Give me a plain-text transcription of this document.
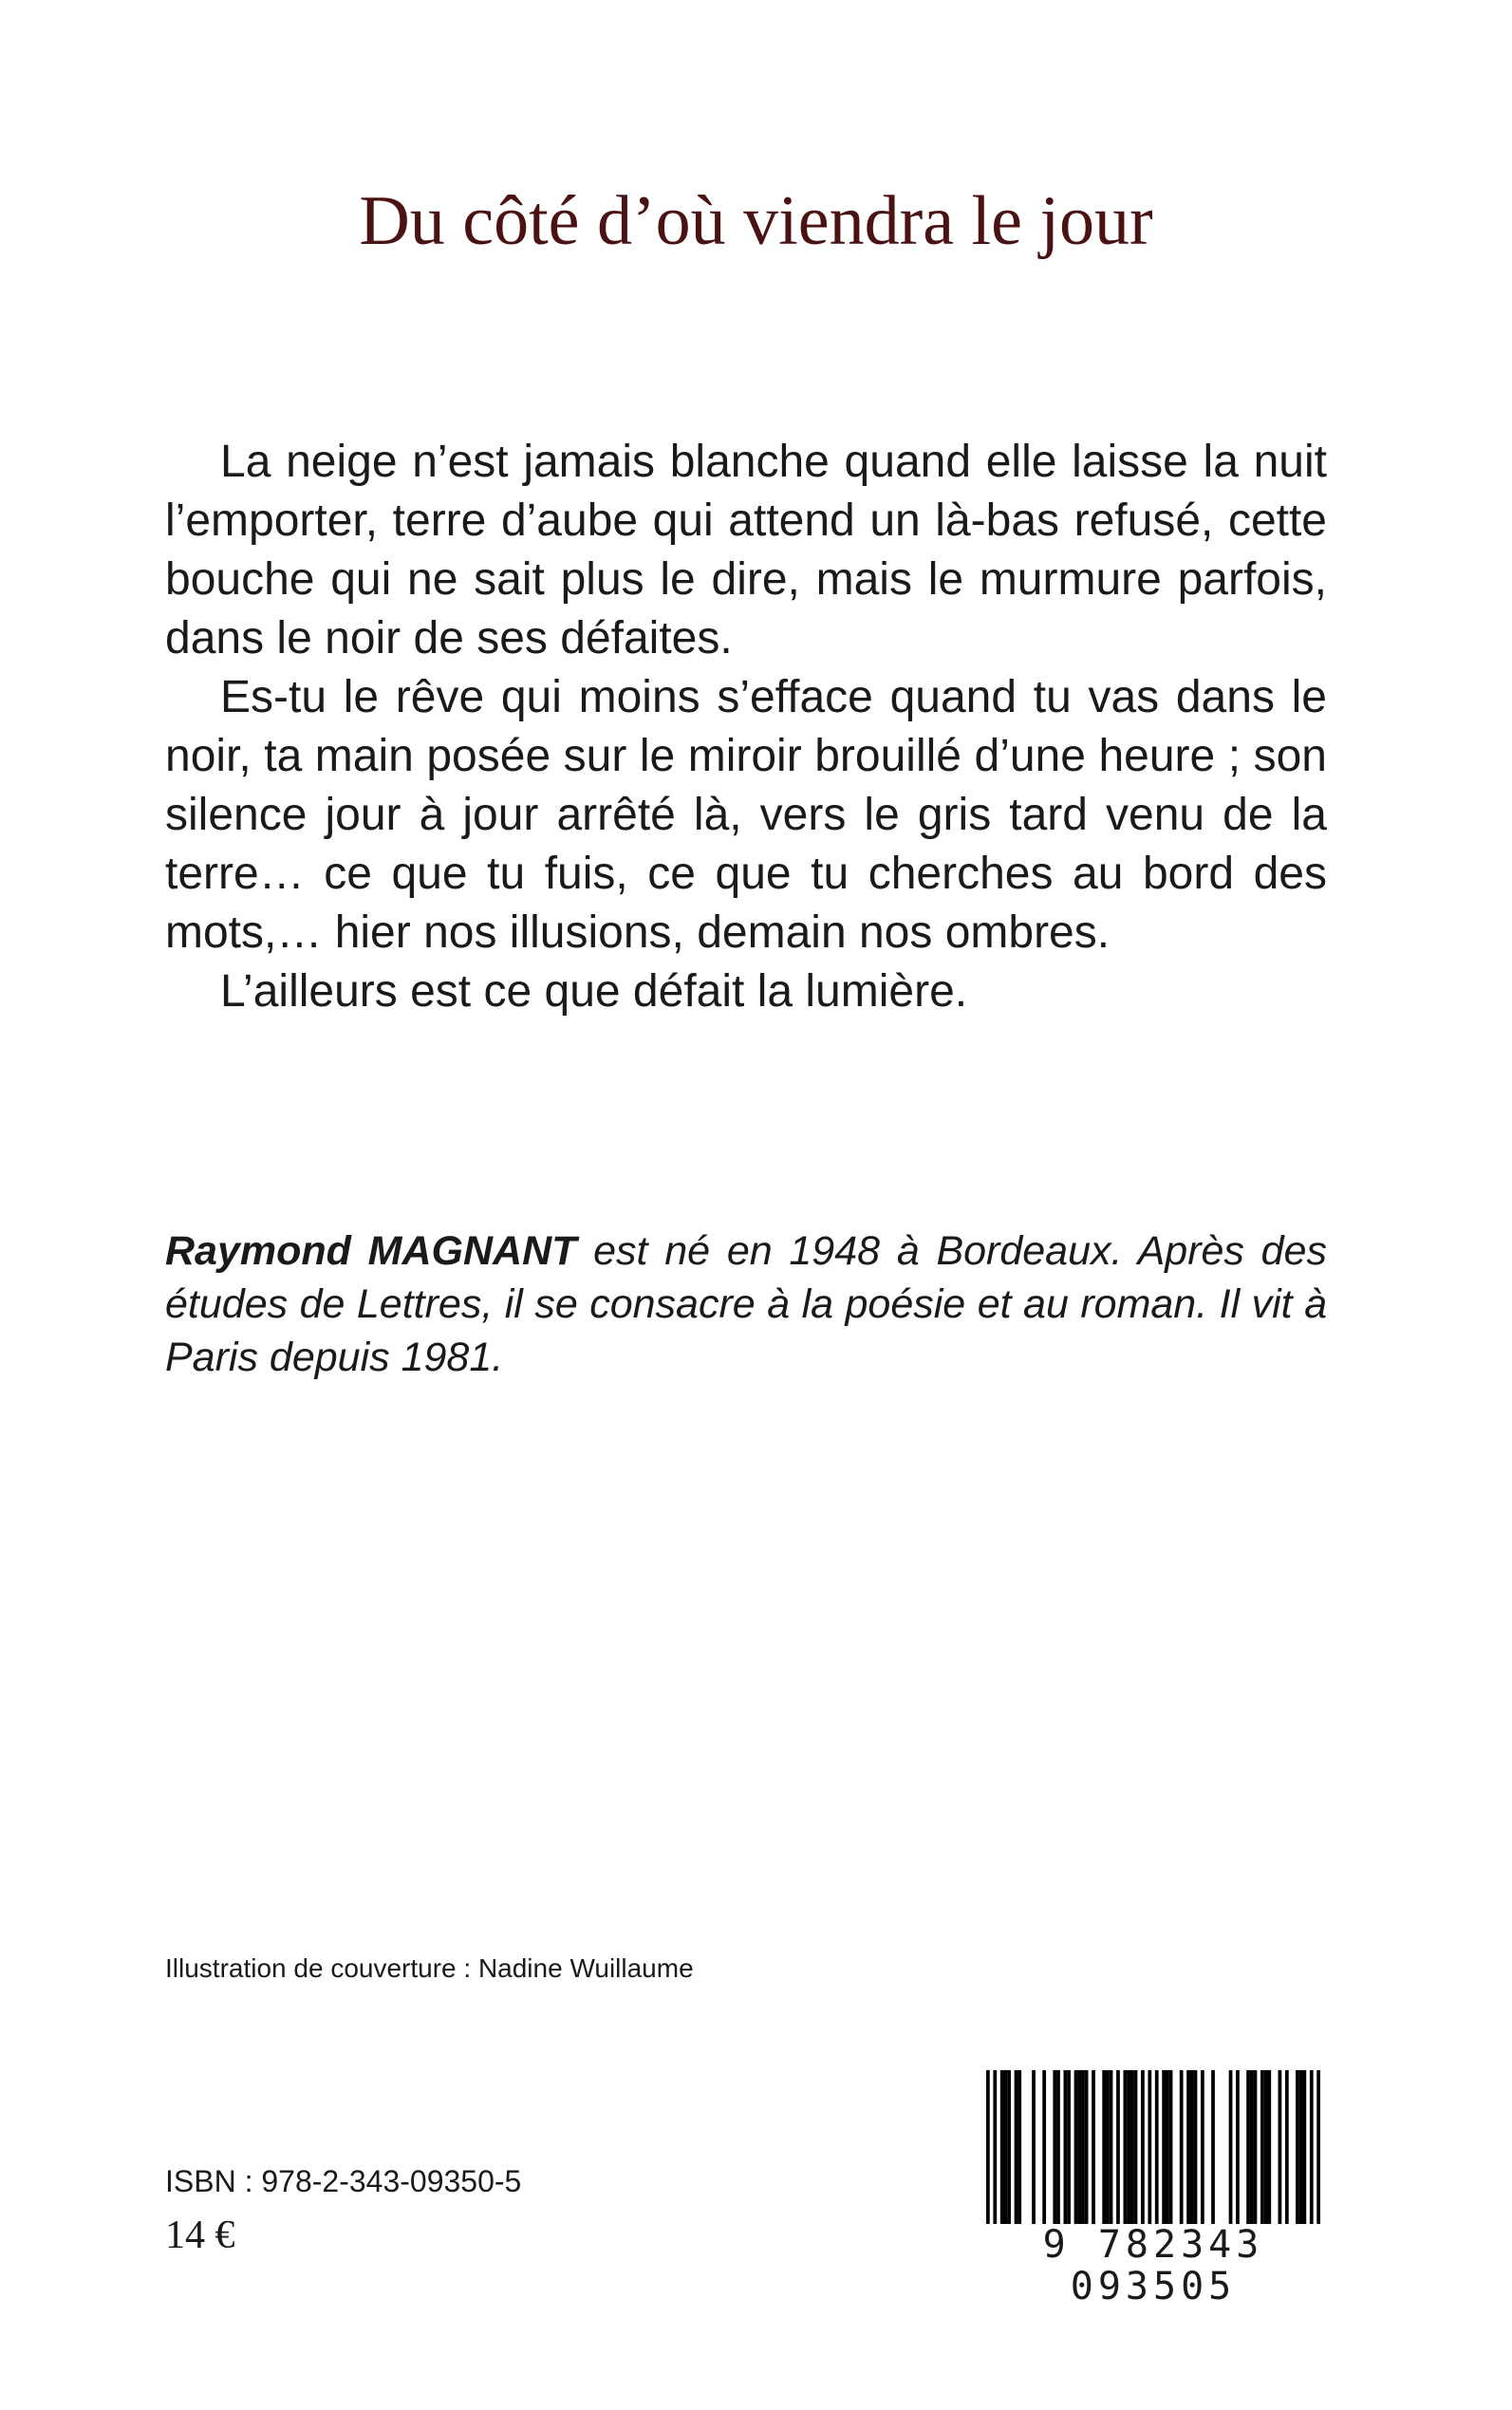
Du côté d’où viendra le jour

La neige n’est jamais blanche quand elle laisse la nuit l’emporter, terre d’aube qui attend un là-bas refusé, cette bouche qui ne sait plus le dire, mais le murmure parfois, dans le noir de ses défaites.

Es-tu le rêve qui moins s’efface quand tu vas dans le noir, ta main posée sur le miroir brouillé d’une heure ; son silence jour à jour arrêté là, vers le gris tard venu de la terre… ce que tu fuis, ce que tu cherches au bord des mots,… hier nos illusions, demain nos ombres.

L’ailleurs est ce que défait la lumière.

Raymond MAGNANT est né en 1948 à Bordeaux. Après des études de Lettres, il se consacre à la poésie et au roman. Il vit à Paris depuis 1981.

Illustration de couverture : Nadine Wuillaume
ISBN : 978-2-343-09350-5
14 €	9 782343 093505
